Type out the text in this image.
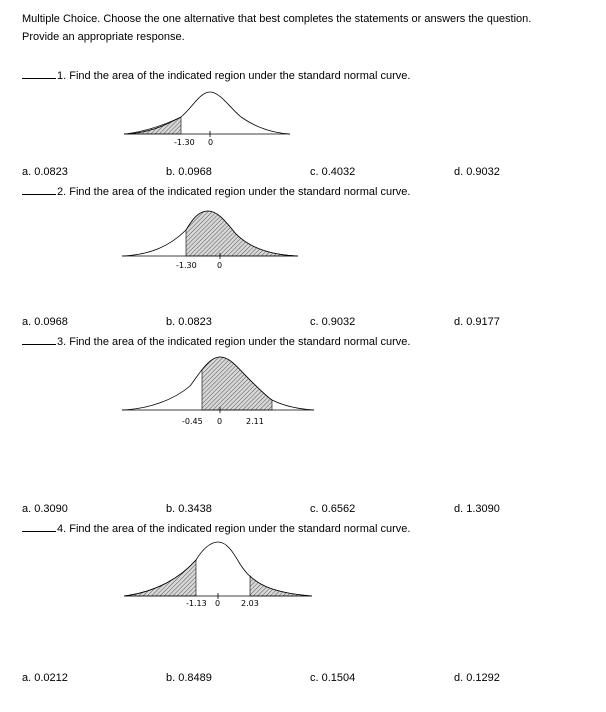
Multiple Choice. Choose the one alternative that best completes the statements or answers the question.
Provide an appropriate response.
1. Find the area of the indicated region under the standard normal curve.
-1.30 0
a. 0.0823	b. 0.0968	c. 0.4032	d. 0.9032
2. Find the area of the indicated region under the standard normal curve.
-1.30	0
a. 0.0968	b. 0.0823	c. 0.9032	d. 0.9177
3. Find the area of the indicated region under the standard normal curve.
-0.45 0	2.11
a. 0.3090	b. 0.3438	c. 0.6562	d. 1.3090
4. Find the area of the indicated region under the standard normal curve.
-1.13 0	2.03
a. 0.0212	b. 0.8489	c. 0.1504	d. 0.1292
